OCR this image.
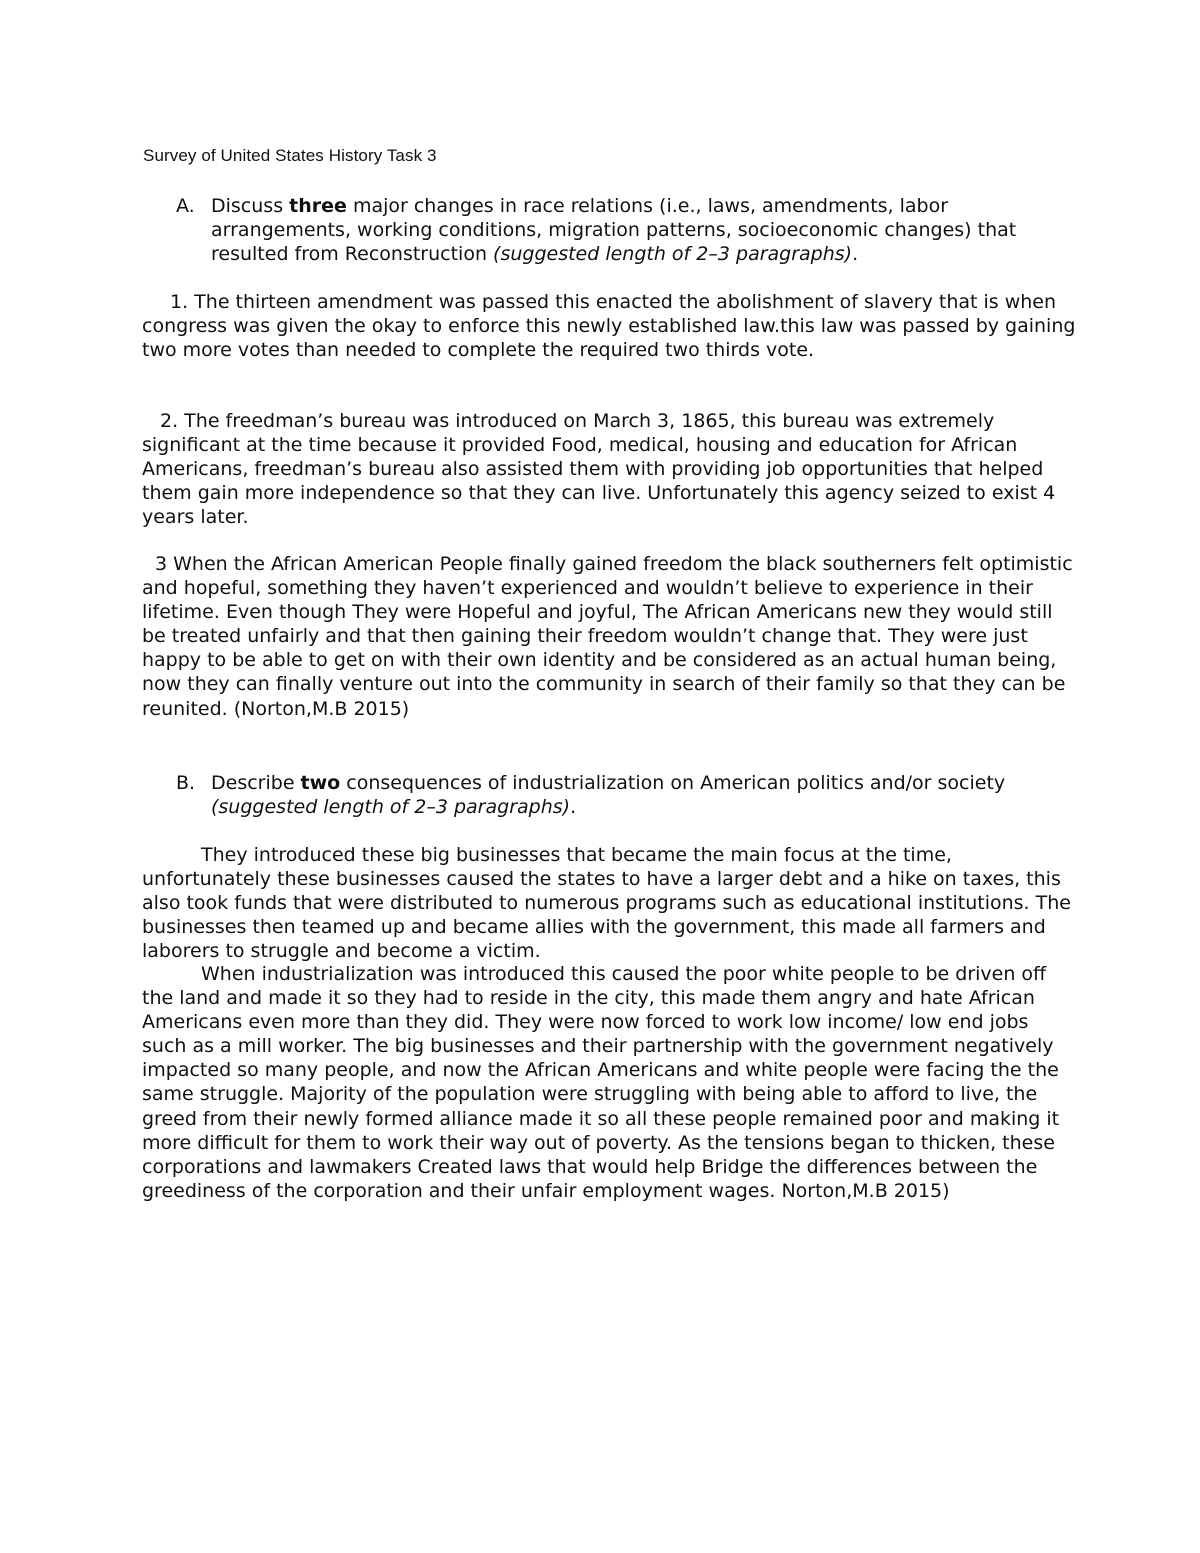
Survey of United States History Task 3
A. Discuss three major changes in race relations (i.e., laws, amendments, labor arrangements, working conditions, migration patterns, socioeconomic changes) that resulted from Reconstruction (suggested length of 2–3 paragraphs).

1. The thirteen amendment was passed this enacted the abolishment of slavery that is when congress was given the okay to enforce this newly established law.this law was passed by gaining two more votes than needed to complete the required two thirds vote.

2. The freedman’s bureau was introduced on March 3, 1865, this bureau was extremely significant at the time because it provided Food, medical, housing and education for African Americans, freedman’s bureau also assisted them with providing job opportunities that helped them gain more independence so that they can live. Unfortunately this agency seized to exist 4 years later.

3 When the African American People finally gained freedom the black southerners felt optimistic and hopeful, something they haven’t experienced and wouldn’t believe to experience in their lifetime. Even though They were Hopeful and joyful, The African Americans new they would still be treated unfairly and that then gaining their freedom wouldn’t change that. They were just happy to be able to get on with their own identity and be considered as an actual human being, now they can finally venture out into the community in search of their family so that they can be reunited. (Norton,M.B 2015)

B. Describe two consequences of industrialization on American politics and/or society (suggested length of 2–3 paragraphs).

They introduced these big businesses that became the main focus at the time, unfortunately these businesses caused the states to have a larger debt and a hike on taxes, this also took funds that were distributed to numerous programs such as educational institutions. The businesses then teamed up and became allies with the government, this made all farmers and laborers to struggle and become a victim.

When industrialization was introduced this caused the poor white people to be driven off the land and made it so they had to reside in the city, this made them angry and hate African Americans even more than they did. They were now forced to work low income/ low end jobs such as a mill worker. The big businesses and their partnership with the government negatively impacted so many people, and now the African Americans and white people were facing the the same struggle. Majority of the population were struggling with being able to afford to live, the greed from their newly formed alliance made it so all these people remained poor and making it more difficult for them to work their way out of poverty. As the tensions began to thicken, these corporations and lawmakers Created laws that would help Bridge the differences between the greediness of the corporation and their unfair employment wages. Norton,M.B 2015)
